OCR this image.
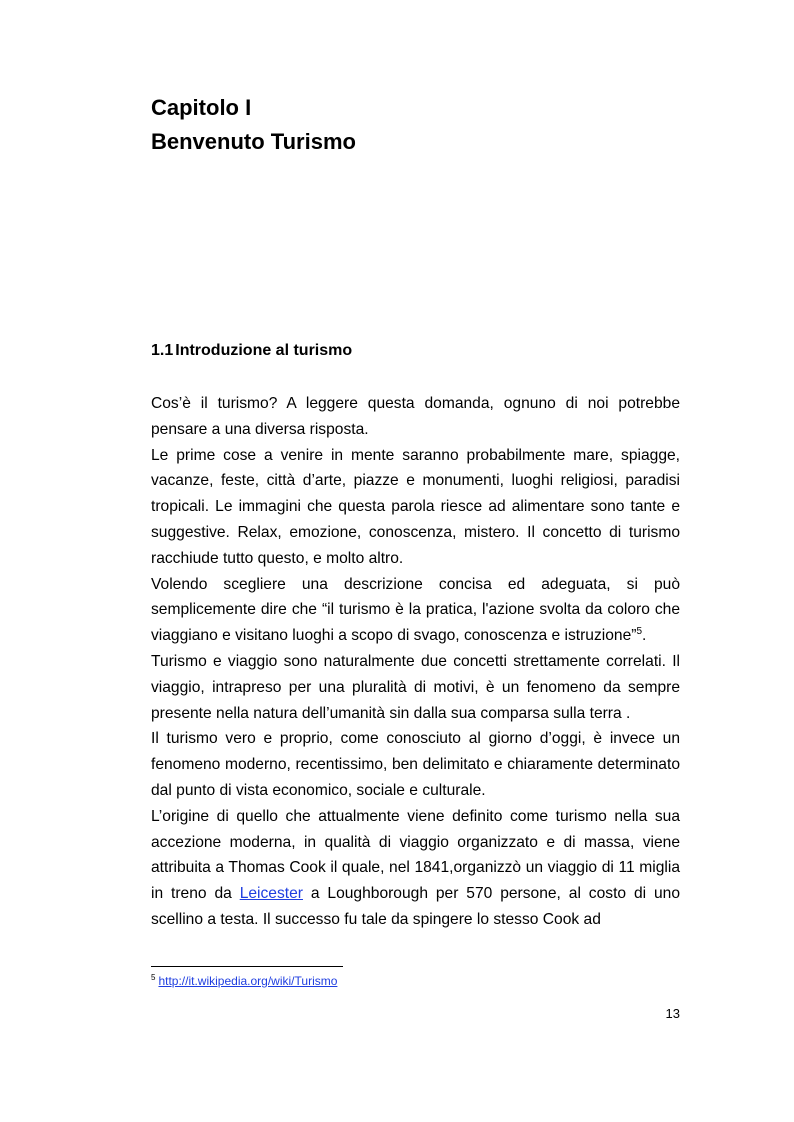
Capitolo I
Benvenuto Turismo
1.1 Introduzione al turismo

Cos’è il turismo? A leggere questa domanda, ognuno di noi potrebbe pensare a una diversa risposta.

Le prime cose a venire in mente saranno probabilmente mare, spiagge, vacanze, feste, città d’arte, piazze e monumenti, luoghi religiosi, paradisi tropicali. Le immagini che questa parola riesce ad alimentare sono tante e suggestive. Relax, emozione, conoscenza, mistero. Il concetto di turismo racchiude tutto questo, e molto altro.

Volendo scegliere una descrizione concisa ed adeguata, si può semplicemente dire che “il turismo è la pratica, l'azione svolta da coloro che viaggiano e visitano luoghi a scopo di svago, conoscenza e istruzione”$^5$.

Turismo e viaggio sono naturalmente due concetti strettamente correlati. Il viaggio, intrapreso per una pluralità di motivi, è un fenomeno da sempre presente nella natura dell’umanità sin dalla sua comparsa sulla terra .

Il turismo vero e proprio, come conosciuto al giorno d’oggi, è invece un fenomeno moderno, recentissimo, ben delimitato e chiaramente determinato dal punto di vista economico, sociale e culturale.

L’origine di quello che attualmente viene definito come turismo nella sua accezione moderna, in qualità di viaggio organizzato e di massa, viene attribuita a Thomas Cook il quale, nel 1841,organizzò un viaggio di 11 miglia in treno da Leicester a Loughborough per 570 persone, al costo di uno scellino a testa. Il successo fu tale da spingere lo stesso Cook ad

$^5$ http://it.wikipedia.org/wiki/Turismo
13
